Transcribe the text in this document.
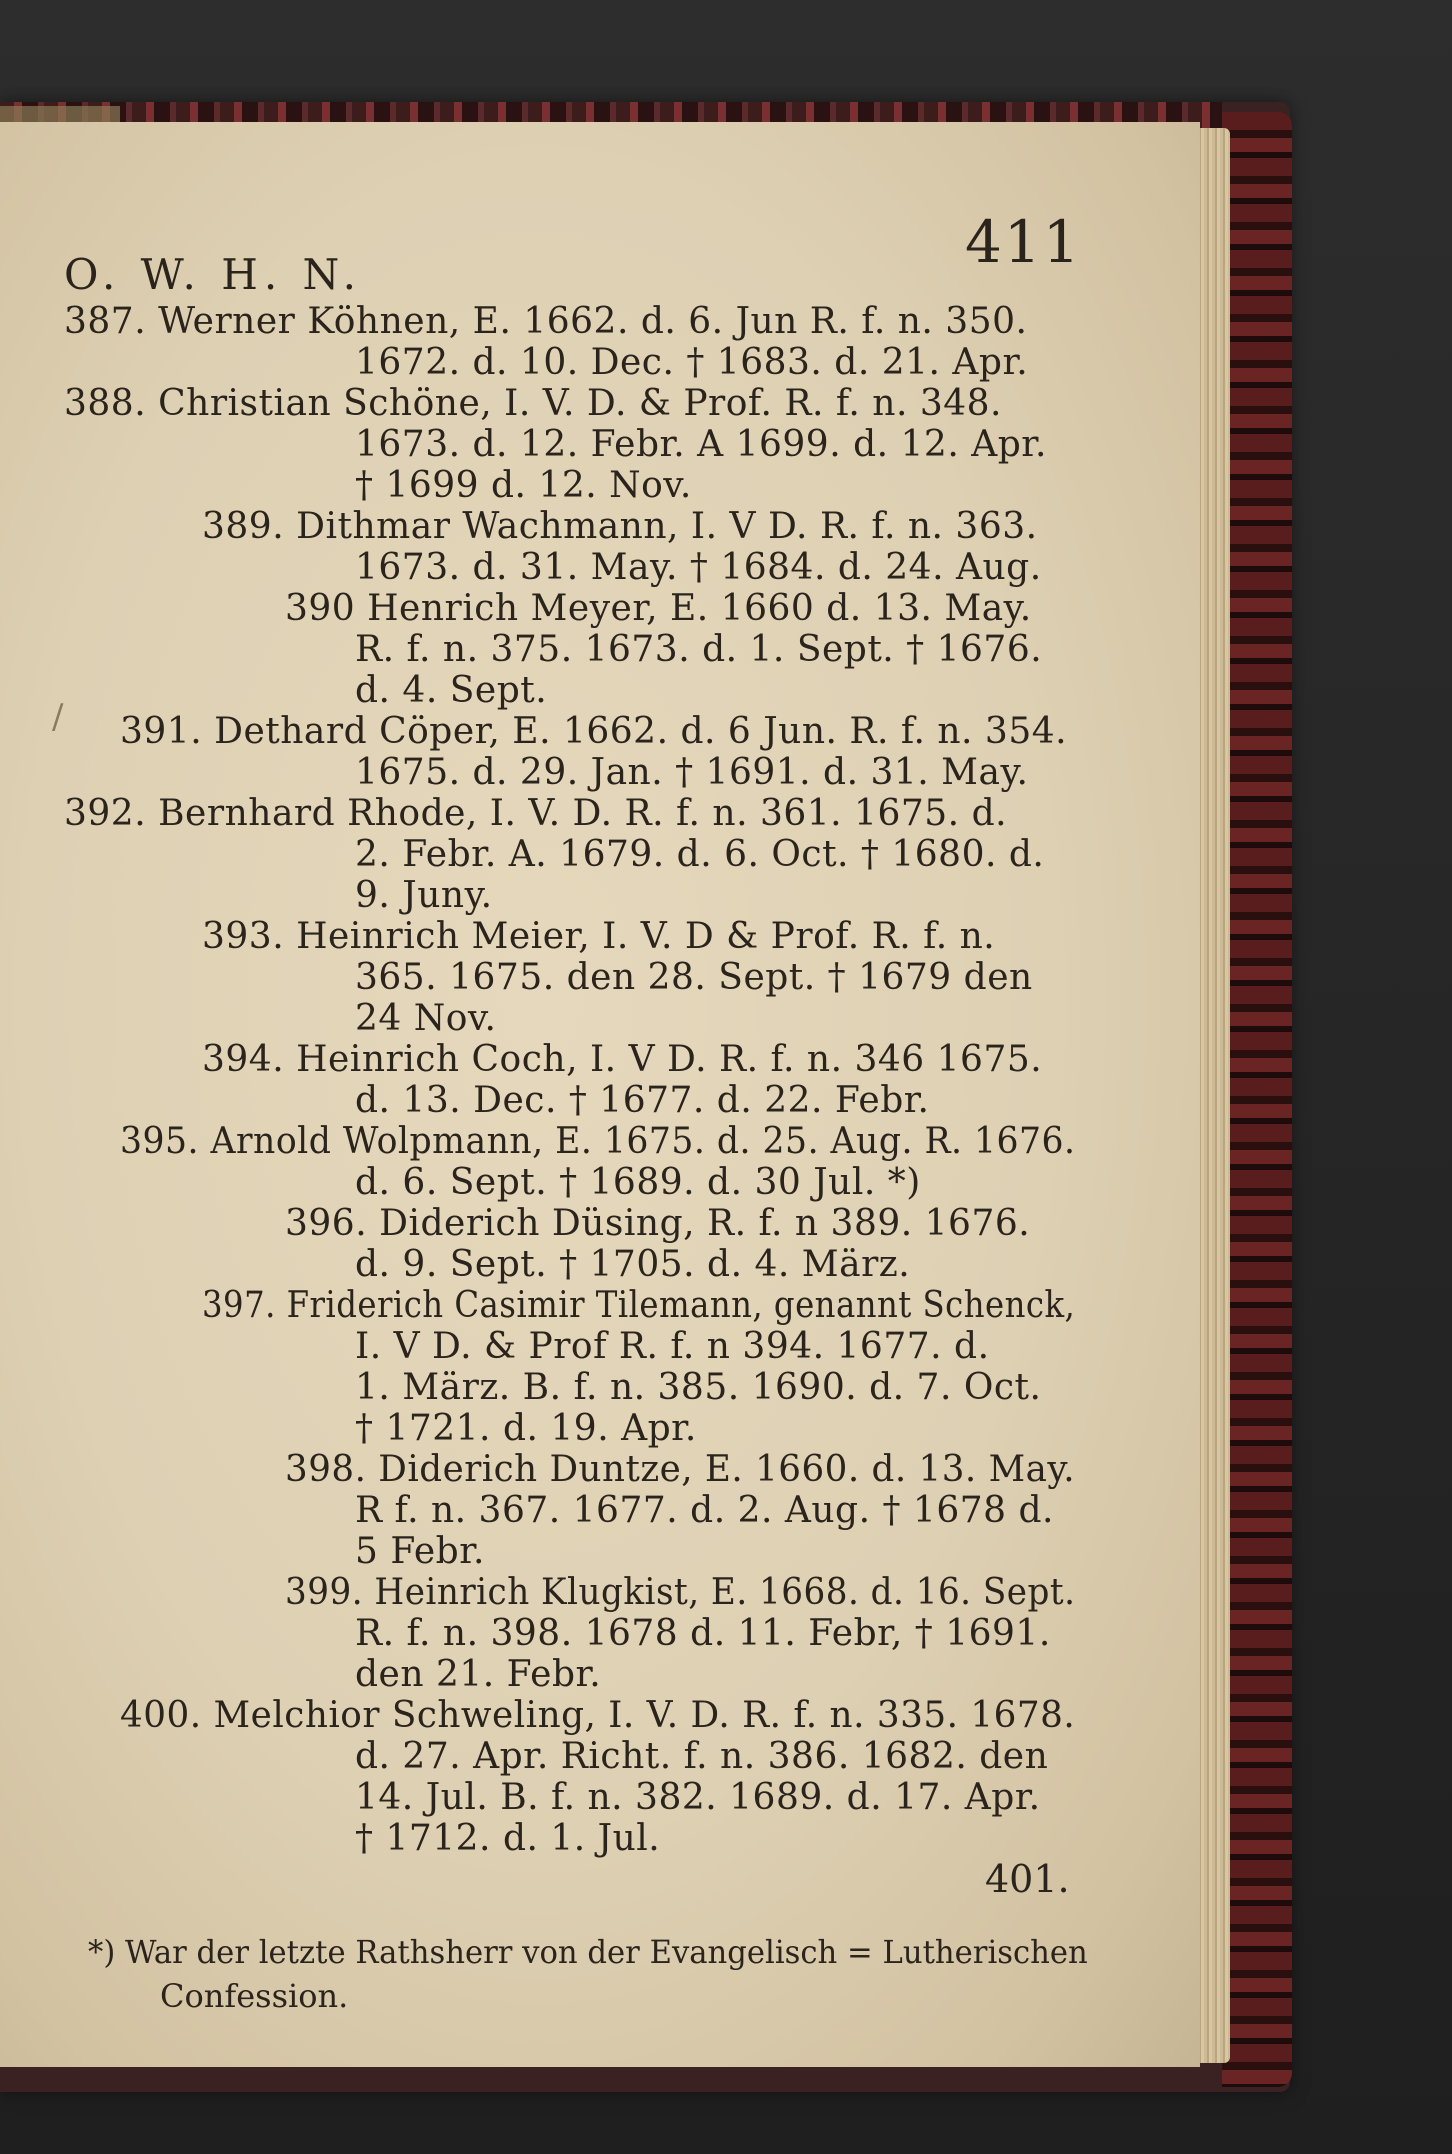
411
O. W. H. N.
387. Werner Köhnen, E. 1662. d. 6. Jun R. f. n. 350.
1672. d. 10. Dec. † 1683. d. 21. Apr.
388. Christian Schöne, I. V. D. & Prof. R. f. n. 348.
1673. d. 12. Febr. A 1699. d. 12. Apr.
† 1699 d. 12. Nov.
389. Dithmar Wachmann, I. V D. R. f. n. 363.
1673. d. 31. May. † 1684. d. 24. Aug.
390 Henrich Meyer, E. 1660 d. 13. May.
R. f. n. 375. 1673. d. 1. Sept. † 1676.
d. 4. Sept.
391. Dethard Cöper, E. 1662. d. 6 Jun. R. f. n. 354.
1675. d. 29. Jan. † 1691. d. 31. May.
392. Bernhard Rhode, I. V. D. R. f. n. 361. 1675. d.
2. Febr. A. 1679. d. 6. Oct. † 1680. d.
9. Juny.
393. Heinrich Meier, I. V. D & Prof. R. f. n.
365. 1675. den 28. Sept. † 1679 den
24 Nov.
394. Heinrich Coch, I. V D. R. f. n. 346 1675.
d. 13. Dec. † 1677. d. 22. Febr.
395. Arnold Wolpmann, E. 1675. d. 25. Aug. R. 1676.
d. 6. Sept. † 1689. d. 30 Jul. *)
396. Diderich Düsing, R. f. n 389. 1676.
d. 9. Sept. † 1705. d. 4. März.
397. Friderich Casimir Tilemann, genannt Schenck,
I. V D. & Prof R. f. n 394. 1677. d.
1. März. B. f. n. 385. 1690. d. 7. Oct.
† 1721. d. 19. Apr.
398. Diderich Duntze, E. 1660. d. 13. May.
R f. n. 367. 1677. d. 2. Aug. † 1678 d.
5 Febr.
399. Heinrich Klugkist, E. 1668. d. 16. Sept.
R. f. n. 398. 1678 d. 11. Febr, † 1691.
den 21. Febr.
400. Melchior Schweling, I. V. D. R. f. n. 335. 1678.
d. 27. Apr. Richt. f. n. 386. 1682. den
14. Jul. B. f. n. 382. 1689. d. 17. Apr.
† 1712. d. 1. Jul.
401.
*) War der letzte Rathsherr von der Evangelisch = Lutherischen
Confession.
/
